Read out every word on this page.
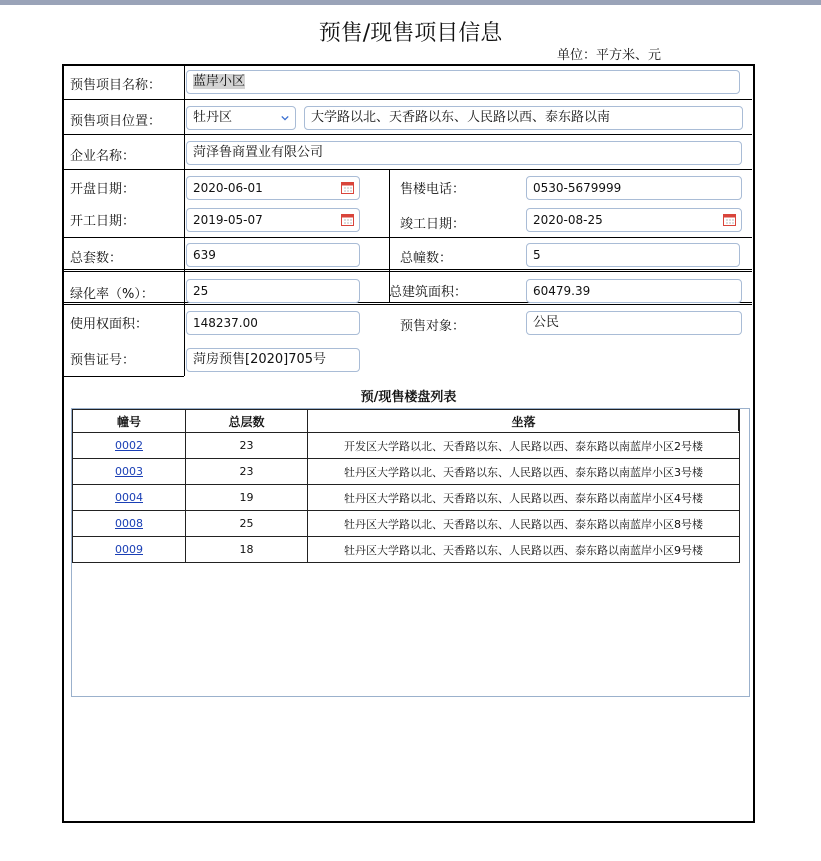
预售/现售项目信息
单位：平方米、元
预售项目名称：	蓝岸小区
预售项目位置：	牡丹区	大学路以北、天香路以东、人民路以西、泰东路以南
企业名称：	菏泽鲁商置业有限公司
开盘日期：	2020-06-01	售楼电话：	0530-5679999
开工日期：	2019-05-07	竣工日期：	2020-08-25
总套数：	639	总幢数：	5
绿化率（%）：	25	总建筑面积：	60479.39
使用权面积：	148237.00	预售对象：	公民
预售证号：	菏房预售[2020]705号
预/现售楼盘列表
幢号	总层数	坐落
0002	23	开发区大学路以北、天香路以东、人民路以西、泰东路以南蓝岸小区2号楼
0003	23	牡丹区大学路以北、天香路以东、人民路以西、泰东路以南蓝岸小区3号楼
0004	19	牡丹区大学路以北、天香路以东、人民路以西、泰东路以南蓝岸小区4号楼
0008	25	牡丹区大学路以北、天香路以东、人民路以西、泰东路以南蓝岸小区8号楼
0009	18	牡丹区大学路以北、天香路以东、人民路以西、泰东路以南蓝岸小区9号楼
